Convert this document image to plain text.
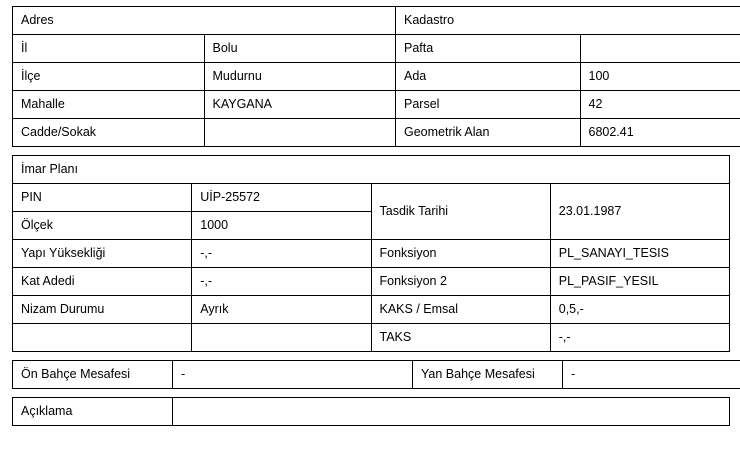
Adres		Kadastro	
İl	Bolu	Pafta	
İlçe	Mudurnu	Ada	100
Mahalle	KAYGANA	Parsel	42
Cadde/Sokak		Geometrik Alan	6802.41
İmar Planı			
PIN	UİP-25572	Tasdik Tarihi	23.01.1987
Ölçek	1000		
Yapı Yüksekliği	-,-	Fonksiyon	PL_SANAYI_TESIS
Kat Adedi	-,-	Fonksiyon 2	PL_PASIF_YESIL
Nizam Durumu	Ayrık	KAKS / Emsal	0,5,-
		TAKS	-,-
Ön Bahçe Mesafesi	-	Yan Bahçe Mesafesi	-
Açıklama	
